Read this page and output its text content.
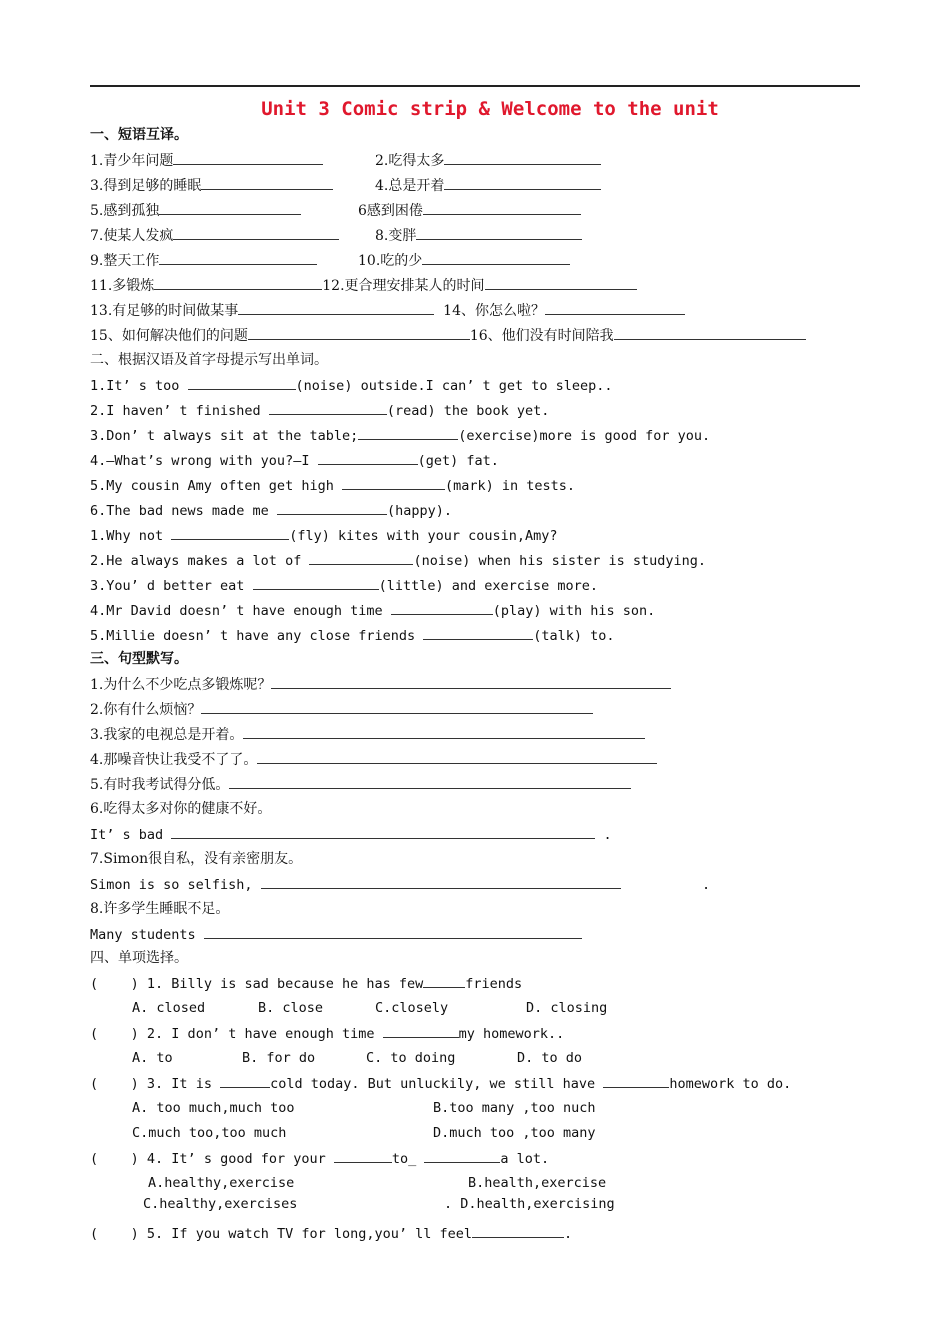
Unit 3 Comic strip & Welcome to the unit
一、短语互译。
1.青少年问题	2.吃得太多
3.得到足够的睡眠	4.总是开着
5.感到孤独	6感到困倦
7.使某人发疯	8.变胖
9.整天工作	10.吃的少
11.多锻炼	12.更合理安排某人的时间
13.有足够的时间做某事	14、你怎么啦？
15、如何解决他们的问题	16、他们没有时间陪我
二、根据汉语及首字母提示写出单词。
1.It’ s too	(noise) outside.I can’ t get to sleep..
2.I haven’ t finished	(read) the book yet.
3.Don’ t always sit at the table;	(exercise)more is good for you.
4.—What’s wrong with you?—I	(get) fat.
5.My cousin Amy often get high	(mark) in tests.
6.The bad news made me	(happy).
1.Why not	(fly) kites with your cousin,Amy?
2.He always makes a lot of	(noise) when his sister is studying.
3.You’ d better eat	(little) and exercise more.
4.Mr David doesn’ t have enough time	(play) with his son.
5.Millie doesn’ t have any close friends	(talk) to.
三、句型默写。
1.为什么不少吃点多锻炼呢？
2.你有什么烦恼？
3.我家的电视总是开着。
4.那噪音快让我受不了了。
5.有时我考试得分低。
6.吃得太多对你的健康不好。
It’ s bad	.
7.Simon很自私，没有亲密朋友。
Simon is so selfish,	.
8.许多学生睡眠不足。
Many students
四、单项选择。
(    ) 1. Billy is sad because he has few	friends
A. closed	B. close	C.closely	D. closing
(    ) 2. I don’ t have enough time	my homework..
A. to	B. for do	C. to doing	D. to do
(    ) 3. It is	cold today. But unluckily, we still have	homework to do.
A. too much,much too	B.too many ,too nuch
C.much too,too much	D.much too ,too many
(    ) 4. It’ s good for your	to_	a lot.
A.healthy,exercise	B.health,exercise
C.healthy,exercises	. D.health,exercising
(    ) 5. If you watch TV for long,you’ ll feel	.
